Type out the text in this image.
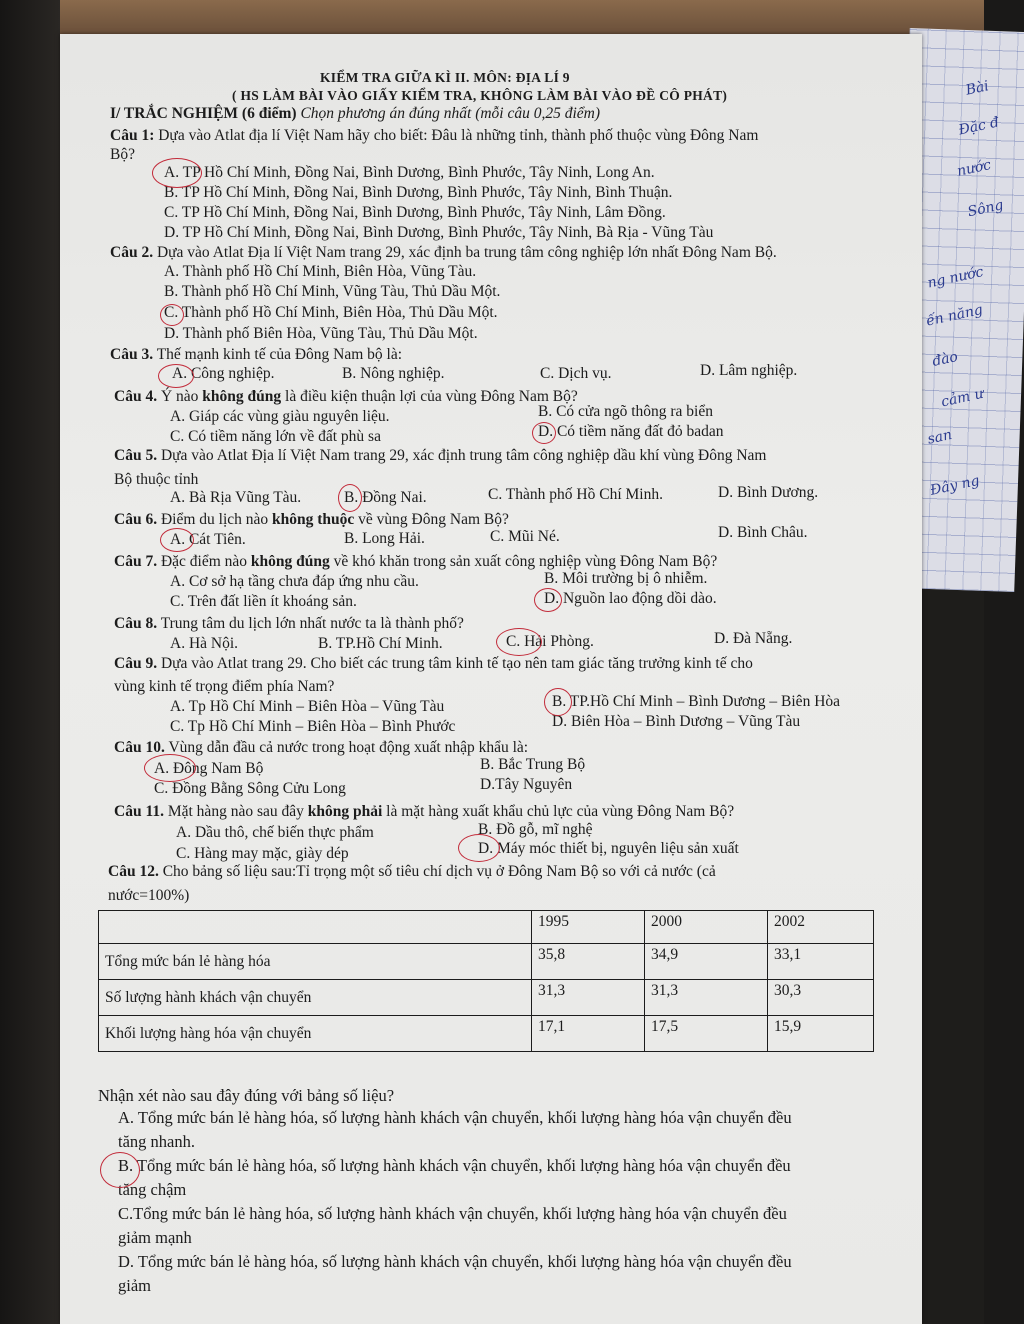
Bài
Đặc đ
nước
Sông
ng nước
ến năng
đào
cảm ư
san
Đây ng
KIỂM TRA GIỮA KÌ II. MÔN: ĐỊA LÍ 9
( HS LÀM BÀI VÀO GIẤY KIỂM TRA, KHÔNG LÀM BÀI VÀO ĐỀ CÔ PHÁT)
I/ TRẮC NGHIỆM (6 điểm) Chọn phương án đúng nhất (mỗi câu 0,25 điểm)
Câu 1: Dựa vào Atlat địa lí Việt Nam hãy cho biết: Đâu là những tỉnh, thành phố thuộc vùng Đông Nam
Bộ?
A. TP Hồ Chí Minh, Đồng Nai, Bình Dương, Bình Phước, Tây Ninh, Long An.
B. TP Hồ Chí Minh, Đồng Nai, Bình Dương, Bình Phước, Tây Ninh, Bình Thuận.
C. TP Hồ Chí Minh, Đồng Nai, Bình Dương, Bình Phước, Tây Ninh, Lâm Đồng.
D. TP Hồ Chí Minh, Đồng Nai, Bình Dương, Bình Phước, Tây Ninh, Bà Rịa - Vũng Tàu
Câu 2. Dựa vào Atlat Địa lí Việt Nam trang 29, xác định ba trung tâm công nghiệp lớn nhất Đông Nam Bộ.
A. Thành phố Hồ Chí Minh, Biên Hòa, Vũng Tàu.
B. Thành phố Hồ Chí Minh, Vũng Tàu, Thủ Dầu Một.
C. Thành phố Hồ Chí Minh, Biên Hòa, Thủ Dầu Một.
D. Thành phố Biên Hòa, Vũng Tàu, Thủ Dầu Một.
Câu 3. Thế mạnh kinh tế của Đông Nam bộ là:
A. Công nghiệp.	B. Nông nghiệp.	C. Dịch vụ.	D. Lâm nghiệp.
Câu 4. Ý nào không đúng là điều kiện thuận lợi của vùng Đông Nam Bộ?
A. Giáp các vùng giàu nguyên liệu.	B. Có cửa ngõ thông ra biển
C. Có tiềm năng lớn về đất phù sa	D. Có tiềm năng đất đỏ badan
Câu 5. Dựa vào Atlat Địa lí Việt Nam trang 29, xác định trung tâm công nghiệp dầu khí vùng Đông Nam
Bộ thuộc tỉnh
A. Bà Rịa Vũng Tàu.	B. Đồng Nai.	C. Thành phố Hồ Chí Minh.	D. Bình Dương.
Câu 6. Điểm du lịch nào không thuộc về vùng Đông Nam Bộ?
A. Cát Tiên.	B. Long Hải.	C. Mũi Né.	D. Bình Châu.
Câu 7. Đặc điểm nào không đúng về khó khăn trong sản xuất công nghiệp vùng Đông Nam Bộ?
A. Cơ sở hạ tầng chưa đáp ứng nhu cầu.	B. Môi trường bị ô nhiễm.
C. Trên đất liền ít khoáng sản.	D. Nguồn lao động dồi dào.
Câu 8. Trung tâm du lịch lớn nhất nước ta là thành phố?
A. Hà Nội.	B. TP.Hồ Chí Minh.	C. Hải Phòng.	D. Đà Nẵng.
Câu 9. Dựa vào Atlat trang 29. Cho biết các trung tâm kinh tế tạo nên tam giác tăng trưởng kinh tế cho
vùng kinh tế trọng điểm phía Nam?
A. Tp Hồ Chí Minh – Biên Hòa – Vũng Tàu	B. TP.Hồ Chí Minh – Bình Dương – Biên Hòa
C. Tp Hồ Chí Minh – Biên Hòa – Bình Phước	D. Biên Hòa – Bình Dương – Vũng Tàu
Câu 10. Vùng dẫn đầu cả nước trong hoạt động xuất nhập khẩu là:
A. Đông Nam Bộ	B. Bắc Trung Bộ
C. Đồng Bằng Sông Cửu Long	D.Tây Nguyên
Câu 11. Mặt hàng nào sau đây không phải là mặt hàng xuất khẩu chủ lực của vùng Đông Nam Bộ?
A. Dầu thô, chế biến thực phẩm	B. Đồ gỗ, mĩ nghệ
C. Hàng may mặc, giày dép	D. Máy móc thiết bị, nguyên liệu sản xuất
Câu 12. Cho bảng số liệu sau:Tỉ trọng một số tiêu chí dịch vụ ở Đông Nam Bộ so với cả nước (cả
nước=100%)
	1995	2000	2002
Tổng mức bán lẻ hàng hóa	35,8	34,9	33,1
Số lượng hành khách vận chuyển	31,3	31,3	30,3
Khối lượng hàng hóa vận chuyển	17,1	17,5	15,9
Nhận xét nào sau đây đúng với bảng số liệu?
A. Tổng mức bán lẻ hàng hóa, số lượng hành khách vận chuyển, khối lượng hàng hóa vận chuyển đều
tăng nhanh.
B. Tổng mức bán lẻ hàng hóa, số lượng hành khách vận chuyển, khối lượng hàng hóa vận chuyển đều
tăng chậm
C.Tổng mức bán lẻ hàng hóa, số lượng hành khách vận chuyển, khối lượng hàng hóa vận chuyển đều
giảm mạnh
D. Tổng mức bán lẻ hàng hóa, số lượng hành khách vận chuyển, khối lượng hàng hóa vận chuyển đều
giảm
